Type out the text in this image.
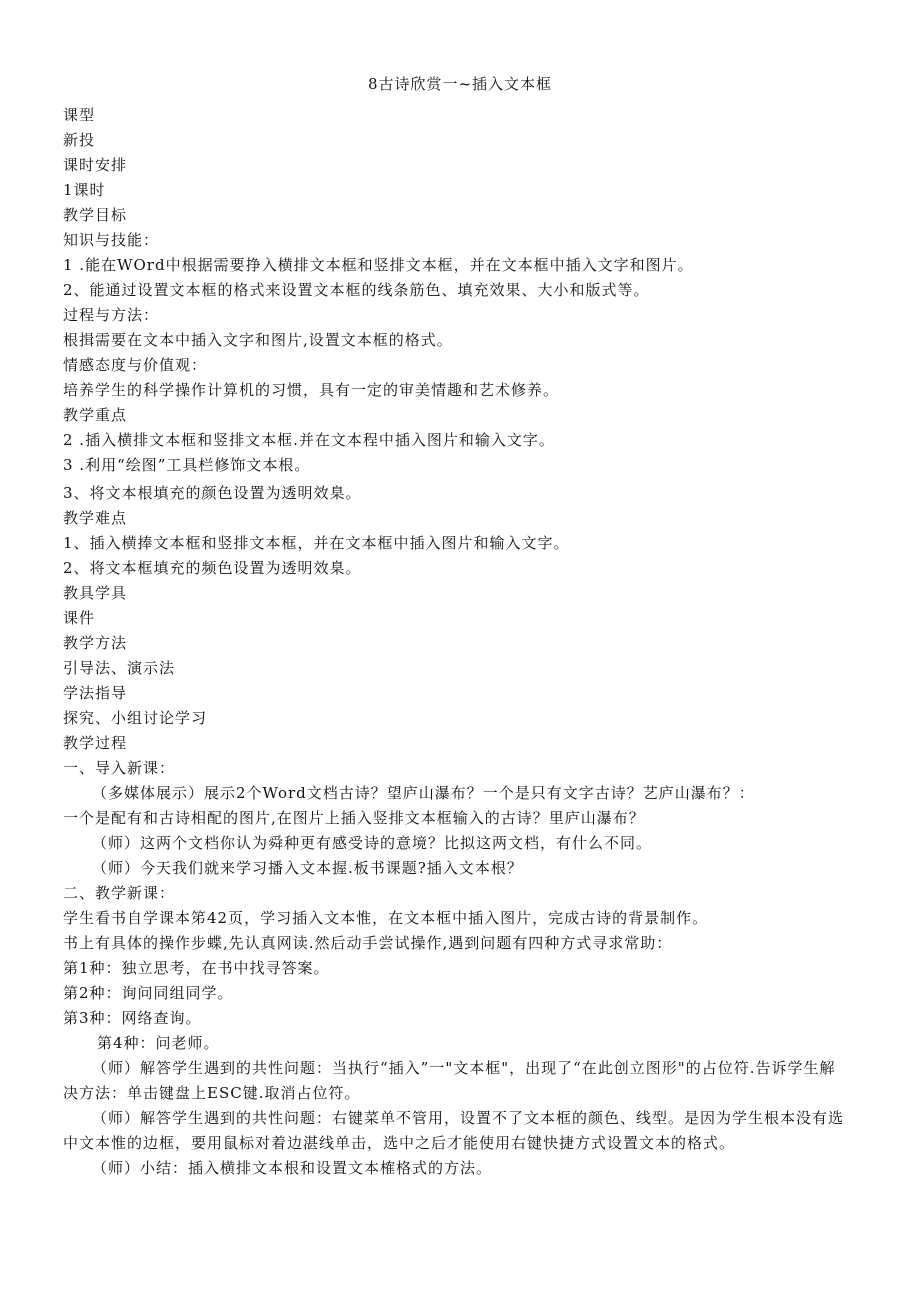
8古诗欣赏一~插入文本框
课型
新投
课时安排
1课时
教学目标
知识与技能：
1 .能在WOrd中根据需要挣入横排文本框和竖排文本框，并在文本框中插入文字和图片。
2、能通过设置文本框的格式来设置文本框的线条筋色、填充效果、大小和版式等。
过程与方法：
根揖需要在文本中插入文字和图片,设置文本框的格式。
情感态度与价值观：
培养学生的科学操作计算机的习惯，具有一定的审美情趣和艺术修养。
教学重点
2 .插入横排文本框和竖排文本框.并在文本程中插入图片和输入文字。
3 .利用“绘图”工具栏修饰文本根。
3、将文本根填充的颜色设置为透明效臬。
教学难点
1、插入横捧文本框和竖排文本框，并在文本框中插入图片和输入文字。
2、将文本框填充的频色设置为透明效臬。
教具学具
课件
教学方法
引导法、演示法
学法指导
探究、小组讨论学习
教学过程
一、导入新课：
（多媒体展示）展示2个Word文档古诗？望庐山瀑布？一个是只有文字古诗？艺庐山瀑布？：
一个是配有和古诗相配的图片,在图片上插入竖排文本框输入的古诗？里庐山瀑布？
（师）这两个文档你认为舜种更有感受诗的意境？比拟这两文档，有什么不同。
（师）今天我们就来学习播入文本握.板书课题?插入文本根？
二、教学新课：
学生看书自学课本笫42页，学习插入文本惟，在文本框中插入图片，完成古诗的背景制作。
书上有具体的操作步蝶,先认真网读.然后动手尝试操作,遇到问题有四种方式寻求常助：
第1种：独立思考，在书中找寻答案。
第2种：询问同组同学。
第3种：网络查询。
第4种：问老师。
（师）解答学生遇到的共性问题：当执行“插入”一"文本框"，出现了“在此创立图形"的占位符.告诉学生解决方法：单击键盘上ESC键.取消占位符。
（师）解答学生遇到的共性问题：右键菜单不管用，设置不了文本框的颜色、线型。是因为学生根本没有选中文本惟的边框，要用鼠标对着边湛线单击，选中之后才能使用右键快捷方式设置文本的格式。
（师）小结：插入横排文本根和设置文本榷格式的方法。
